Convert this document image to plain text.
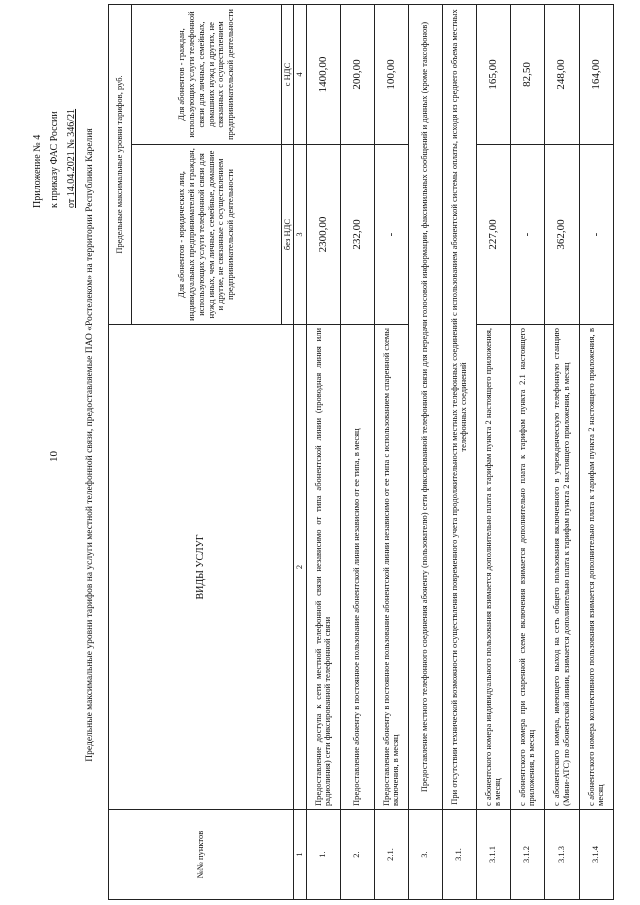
10
Приложение № 4 к приказу ФАС России от 14.04.2021 № 346/21 Предельные максимальные уровни тарифов на услуги местной телефонной связи, предоставляемые ПАО «Ростелеком» на территории Республики Карелия
№№ пунктов	ВИДЫ УСЛУГ	Предельные максимальные уровни тарифов, руб.	
		Для абонентов - юридических лиц, индивидуальных предпринимателей и граждан, использующих услуги телефонной связи для нужд иных, чем личные, семейные, домашние и другие, не связанные с осуществлением предпринимательской деятельности	Для абонентов - граждан, использующих услуги телефонной связи для личных, семейных, домашних нужд и других, не связанных с осуществлением предпринимательской деятельности
		без НДС	с НДС
1	2	3	4
1.	Предоставление доступа к сети местной телефонной связи независимо от типа абонентской линии (проводная линия или радиолиния) сети фиксированной телефонной связи	2300,00	1400,00
2.	Предоставление абоненту в постоянное пользование абонентской линии независимо от ее типа, в месяц	232,00	200,00
2.1.	Предоставление абоненту в постоянное пользование абонентской линии независимо от ее типа с использованием спаренной схемы включения, в месяц	-	100,00
3.	Предоставление местного телефонного соединения абоненту (пользователю) сети фиксированной телефонной связи для передачи голосовой информации, факсимильных сообщений и данных (кроме таксофонов)		
3.1.	При отсутствии технической возможности осуществления повременного учета продолжительности местных телефонных соединений с использованием абонентской системы оплаты, исходя из среднего объема местных телефонных соединений		
3.1.1	с абонентского номера индивидуального пользования взимается дополнительно плата к тарифам пункта 2 настоящего приложения, в месяц	227,00	165,00
3.1.2	с абонентского номера при спаренной схеме включения взимается дополнительно плата к тарифам пункта 2.1 настоящего приложения, в месяц	-	82,50
3.1.3	с абонентского номера, имеющего выход на сеть общего пользования включенного в учрежденческую телефонную станцию (Мини-АТС) по абонентской линии, взимается дополнительно плата к тарифам пункта 2 настоящего приложения, в месяц	362,00	248,00
3.1.4	с абонентского номера коллективного пользования взимается дополнительно плата к тарифам пункта 2 настоящего приложения, в месяц	-	164,00
